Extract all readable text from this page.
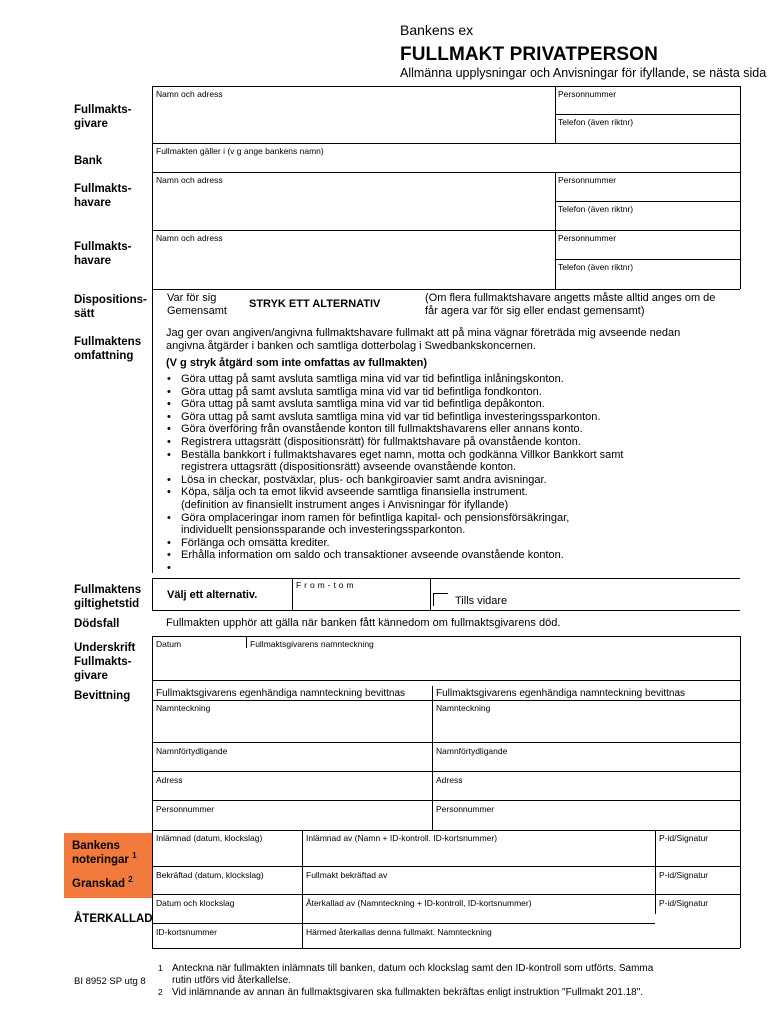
Bankens ex
FULLMAKT PRIVATPERSON
Allmänna upplysningar och Anvisningar för ifyllande, se nästa sida
Fullmakts-
givare
Namn och adress	Personnummer
Telefon (även riktnr)
Bank
Fullmakten gäller i (v g ange bankens namn)
Fullmakts-
havare
Namn och adress	Personnummer
Telefon (även riktnr)
Fullmakts-
havare
Namn och adress	Personnummer
Telefon (även riktnr)
Dispositions-
sätt
Var för sig
Gemensamt
STRYK ETT ALTERNATIV	(Om flera fullmaktshavare angetts måste alltid anges om de får agera var för sig eller endast gemensamt)
Fullmaktens
omfattning
Jag ger ovan angiven/angivna fullmaktshavare fullmakt att på mina vägnar företräda mig avseende nedan angivna åtgärder i banken och samtliga dotterbolag i Swedbankskoncernen.
(V g stryk åtgärd som inte omfattas av fullmakten)
• Göra uttag på samt avsluta samtliga mina vid var tid befintliga inlåningskonton.
• Göra uttag på samt avsluta samtliga mina vid var tid befintliga fondkonton.
• Göra uttag på samt avsluta samtliga mina vid var tid befintliga depåkonton.
• Göra uttag på samt avsluta samtliga mina vid var tid befintliga investeringssparkonton.
• Göra överföring från ovanstående konton till fullmaktshavarens eller annans konto.
• Registrera uttagsrätt (dispositionsrätt) för fullmaktshavare på ovanstående konton.
• Beställa bankkort i fullmaktshavares eget namn, motta och godkänna Villkor Bankkort samt registrera uttagsrätt (dispositionsrätt) avseende ovanstående konton.
• Lösa in checkar, postväxlar, plus- och bankgiroavier samt andra avisningar.
• Köpa, sälja och ta emot likvid avseende samtliga finansiella instrument. (definition av finansiellt instrument anges i Anvisningar för ifyllande)
• Göra omplaceringar inom ramen för befintliga kapital- och pensionsförsäkringar, individuellt pensionssparande och investeringssparkonton.
• Förlänga och omsätta krediter.
• Erhålla information om saldo och transaktioner avseende ovanstående konton.
•
Fullmaktens
giltighetstid
Välj ett alternativ.
F r o m - t o m
Tills vidare
Dödsfall	Fullmakten upphör att gälla när banken fått kännedom om fullmaktsgivarens död.
Underskrift
Fullmakts-
givare
Datum	Fullmaktsgivarens namnteckning
Bevittning	Fullmaktsgivarens egenhändiga namnteckning bevittnas	Fullmaktsgivarens egenhändiga namnteckning bevittnas
Namnteckning	Namnteckning
Namnförtydligande	Namnförtydligande
Adress	Adress
Personnummer	Personnummer
Bankens
noteringar $^1$
Inlämnad (datum, klockslag)	Inlämnad av (Namn + ID-kontroll. ID-kortsnummer)	P-id/Signatur
Granskad $^2$	Bekräftad (datum, klockslag)	Fullmakt bekräftad av	P-id/Signatur
ÅTERKALLAD
Datum och klockslag	Återkallad av (Namnteckning + ID-kontroll, ID-kortsnummer)	P-id/Signatur
ID-kortsnummer	Härmed återkallas denna fullmakt. Namnteckning
BI 8952 SP utg 8
1 Anteckna när fullmakten inlämnats till banken, datum och klockslag samt den ID-kontroll som utförts. Samma rutin utförs vid återkallelse.
2 Vid inlämnande av annan än fullmaktsgivaren ska fullmakten bekräftas enligt instruktion "Fullmakt 201.18".
